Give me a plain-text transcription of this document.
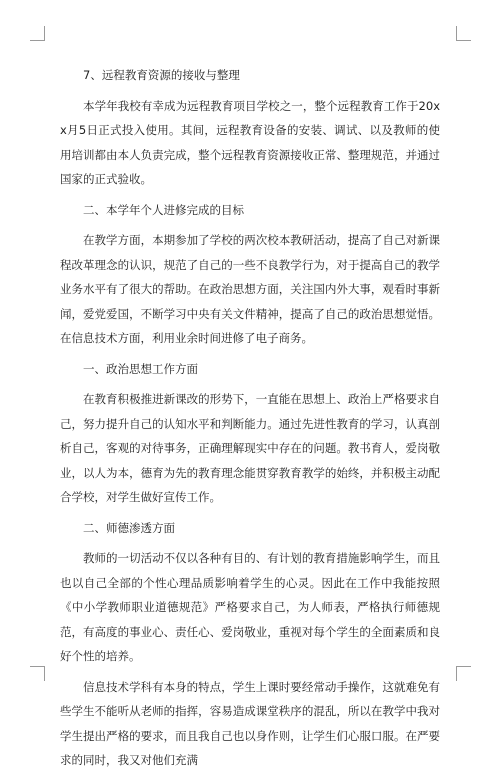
7、远程教育资源的接收与整理

本学年我校有幸成为远程教育项目学校之一，整个远程教育工作于20xx月5日正式投入使用。其间，远程教育设备的安装、调试、以及教师的使用培训都由本人负责完成，整个远程教育资源接收正常、整理规范，并通过国家的正式验收。

二、本学年个人进修完成的目标

在教学方面，本期参加了学校的两次校本教研活动，提高了自己对新课程改革理念的认识，规范了自己的一些不良教学行为，对于提高自己的教学业务水平有了很大的帮助。在政治思想方面，关注国内外大事，观看时事新闻，爱党爱国，不断学习中央有关文件精神，提高了自己的政治思想觉悟。在信息技术方面，利用业余时间进修了电子商务。

一、政治思想工作方面

在教育积极推进新课改的形势下，一直能在思想上、政治上严格要求自己，努力提升自己的认知水平和判断能力。通过先进性教育的学习，认真剖析自己，客观的对待事务，正确理解现实中存在的问题。教书育人，爱岗敬业，以人为本，德育为先的教育理念能贯穿教育教学的始终，并积极主动配合学校，对学生做好宣传工作。

二、师德渗透方面

教师的一切活动不仅以各种有目的、有计划的教育措施影响学生，而且也以自己全部的个性心理品质影响着学生的心灵。因此在工作中我能按照《中小学教师职业道德规范》严格要求自己，为人师表，严格执行师德规范，有高度的事业心、责任心、爱岗敬业，重视对每个学生的全面素质和良好个性的培养。

信息技术学科有本身的特点，学生上课时要经常动手操作，这就难免有些学生不能听从老师的指挥，容易造成课堂秩序的混乱，所以在教学中我对学生提出严格的要求，而且我自己也以身作则，让学生们心服口服。在严要求的同时，我又对他们充满
